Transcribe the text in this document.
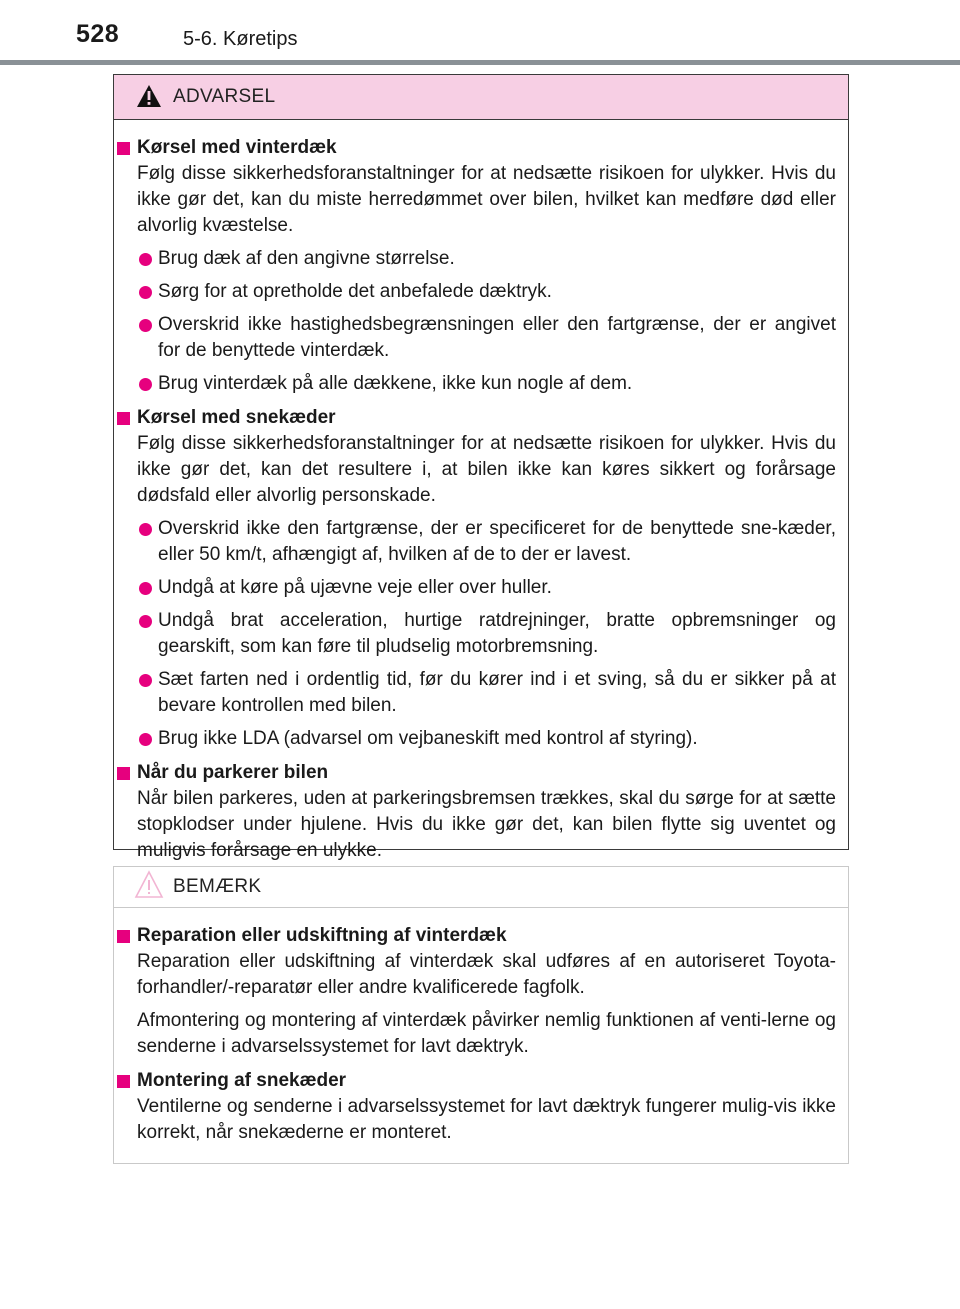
528	5-6. Køretips
ADVARSEL
Kørsel med vinterdæk
Følg disse sikkerhedsforanstaltninger for at nedsætte risikoen for ulykker. Hvis du ikke gør det, kan du miste herredømmet over bilen, hvilket kan medføre død eller alvorlig kvæstelse.
Brug dæk af den angivne størrelse.
Sørg for at opretholde det anbefalede dæktryk.
Overskrid ikke hastighedsbegrænsningen eller den fartgrænse, der er angivet for de benyttede vinterdæk.
Brug vinterdæk på alle dækkene, ikke kun nogle af dem.
Kørsel med snekæder
Følg disse sikkerhedsforanstaltninger for at nedsætte risikoen for ulykker. Hvis du ikke gør det, kan det resultere i, at bilen ikke kan køres sikkert og forårsage dødsfald eller alvorlig personskade.
Overskrid ikke den fartgrænse, der er specificeret for de benyttede sne-kæder, eller 50 km/t, afhængigt af, hvilken af de to der er lavest.
Undgå at køre på ujævne veje eller over huller.
Undgå brat acceleration, hurtige ratdrejninger, bratte opbremsninger og gearskift, som kan føre til pludselig motorbremsning.
Sæt farten ned i ordentlig tid, før du kører ind i et sving, så du er sikker på at bevare kontrollen med bilen.
Brug ikke LDA (advarsel om vejbaneskift med kontrol af styring).
Når du parkerer bilen
Når bilen parkeres, uden at parkeringsbremsen trækkes, skal du sørge for at sætte stopklodser under hjulene. Hvis du ikke gør det, kan bilen flytte sig uventet og muligvis forårsage en ulykke.
BEMÆRK
Reparation eller udskiftning af vinterdæk
Reparation eller udskiftning af vinterdæk skal udføres af en autoriseret Toyota-forhandler/-reparatør eller andre kvalificerede fagfolk.
Afmontering og montering af vinterdæk påvirker nemlig funktionen af venti-lerne og senderne i advarselssystemet for lavt dæktryk.
Montering af snekæder
Ventilerne og senderne i advarselssystemet for lavt dæktryk fungerer mulig-vis ikke korrekt, når snekæderne er monteret.
